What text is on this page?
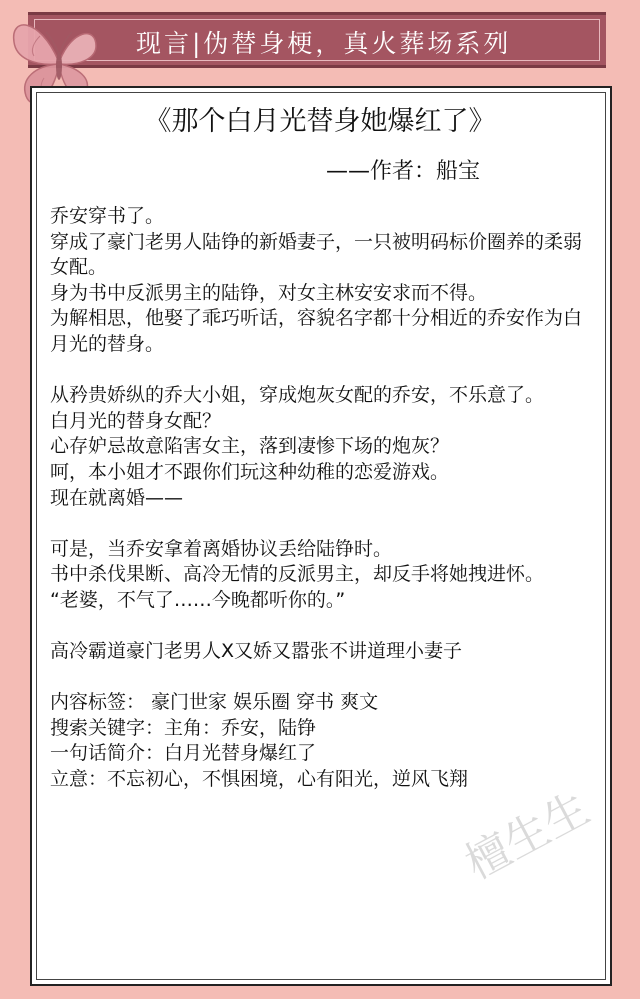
现言|伪替身梗，真火葬场系列
《那个白月光替身她爆红了》
——作者：船宝

乔安穿书了。

穿成了豪门老男人陆铮的新婚妻子，一只被明码标价圈养的柔弱女配。

身为书中反派男主的陆铮，对女主林安安求而不得。

为解相思，他娶了乖巧听话，容貌名字都十分相近的乔安作为白月光的替身。

从矜贵娇纵的乔大小姐，穿成炮灰女配的乔安，不乐意了。

白月光的替身女配？

心存妒忌故意陷害女主，落到凄惨下场的炮灰？

呵，本小姐才不跟你们玩这种幼稚的恋爱游戏。

现在就离婚——

可是，当乔安拿着离婚协议丢给陆铮时。

书中杀伐果断、高冷无情的反派男主，却反手将她拽进怀。

“老婆，不气了……今晚都听你的。”

高冷霸道豪门老男人X又娇又嚣张不讲道理小妻子

内容标签： 豪门世家 娱乐圈 穿书 爽文

搜索关键字：主角：乔安，陆铮

一句话简介：白月光替身爆红了

立意：不忘初心，不惧困境，心有阳光，逆风飞翔

檀生生
